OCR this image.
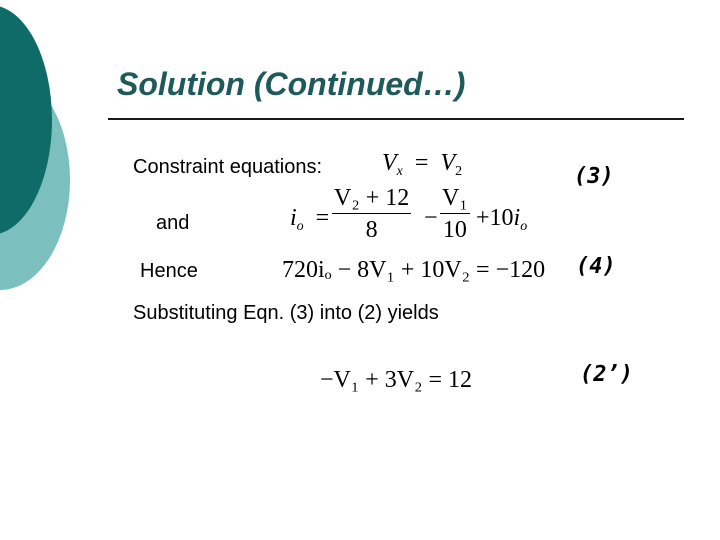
Solution (Continued…)
Constraint equations: $V_x = V_2$	(3)
and	$i_o = \frac{\text{V₂ + 12}}{8} - \frac{\text{V₁}}{10} +10i_o$
Hence	720iₒ − 8V₁ + 10V₂ = −120 (4)
Substituting Eqn. (3) into (2) yields
−V₁ + 3V₂ = 12	(2’)
